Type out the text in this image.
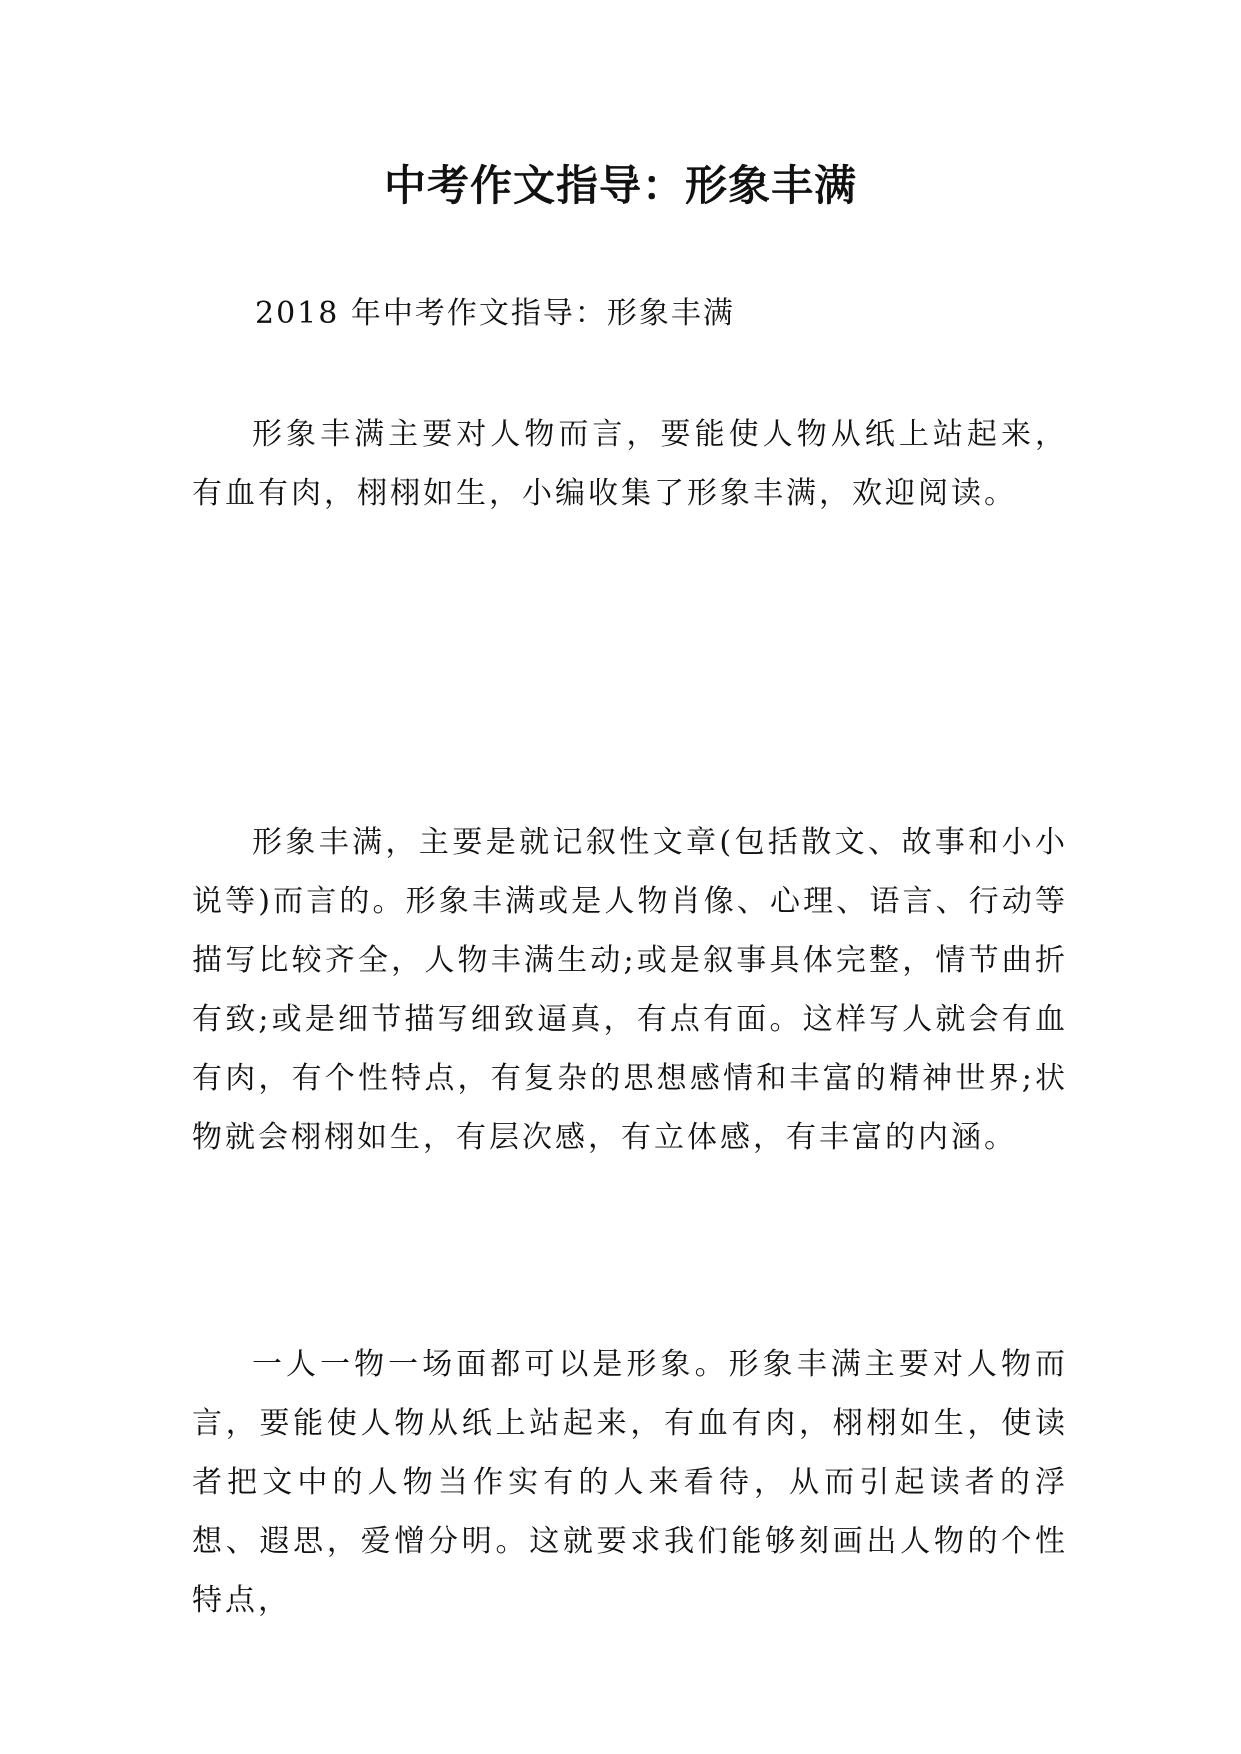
中考作文指导：形象丰满

2018 年中考作文指导：形象丰满

形象丰满主要对人物而言，要能使人物从纸上站起来，有血有肉，栩栩如生，小编收集了形象丰满，欢迎阅读。

形象丰满，主要是就记叙性文章(包括散文、故事和小小说等)而言的。形象丰满或是人物肖像、心理、语言、行动等描写比较齐全，人物丰满生动;或是叙事具体完整，情节曲折有致;或是细节描写细致逼真，有点有面。这样写人就会有血有肉，有个性特点，有复杂的思想感情和丰富的精神世界;状物就会栩栩如生，有层次感，有立体感，有丰富的内涵。

一人一物一场面都可以是形象。形象丰满主要对人物而言，要能使人物从纸上站起来，有血有肉，栩栩如生，使读者把文中的人物当作实有的人来看待，从而引起读者的浮想、遐思，爱憎分明。这就要求我们能够刻画出人物的个性特点，
